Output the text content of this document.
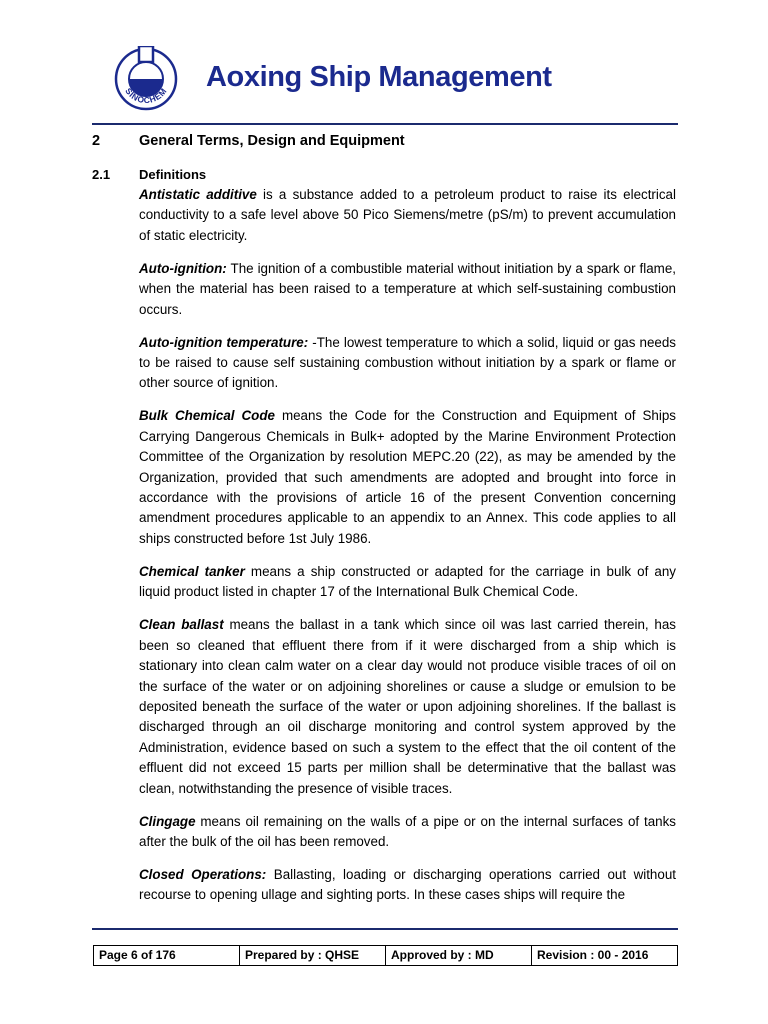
SINOCHEM Aoxing Ship Management
2	General Terms, Design and Equipment
2.1 Definitions

Antistatic additive is a substance added to a petroleum product to raise its electrical conductivity to a safe level above 50 Pico Siemens/metre (pS/m) to prevent accumulation of static electricity.

Auto-ignition: The ignition of a combustible material without initiation by a spark or flame, when the material has been raised to a temperature at which self-sustaining combustion occurs.

Auto-ignition temperature: -The lowest temperature to which a solid, liquid or gas needs to be raised to cause self sustaining combustion without initiation by a spark or flame or other source of ignition.

Bulk Chemical Code means the Code for the Construction and Equipment of Ships Carrying Dangerous Chemicals in Bulk+ adopted by the Marine Environment Protection Committee of the Organization by resolution MEPC.20 (22), as may be amended by the Organization, provided that such amendments are adopted and brought into force in accordance with the provisions of article 16 of the present Convention concerning amendment procedures applicable to an appendix to an Annex. This code applies to all ships constructed before 1st July 1986.

Chemical tanker means a ship constructed or adapted for the carriage in bulk of any liquid product listed in chapter 17 of the International Bulk Chemical Code.

Clean ballast means the ballast in a tank which since oil was last carried therein, has been so cleaned that effluent there from if it were discharged from a ship which is stationary into clean calm water on a clear day would not produce visible traces of oil on the surface of the water or on adjoining shorelines or cause a sludge or emulsion to be deposited beneath the surface of the water or upon adjoining shorelines. If the ballast is discharged through an oil discharge monitoring and control system approved by the Administration, evidence based on such a system to the effect that the oil content of the effluent did not exceed 15 parts per million shall be determinative that the ballast was clean, notwithstanding the presence of visible traces.

Clingage means oil remaining on the walls of a pipe or on the internal surfaces of tanks after the bulk of the oil has been removed.

Closed Operations: Ballasting, loading or discharging operations carried out without recourse to opening ullage and sighting ports. In these cases ships will require the

Page 6 of 176	Prepared by : QHSE	Approved by : MD	Revision : 00 - 2016
